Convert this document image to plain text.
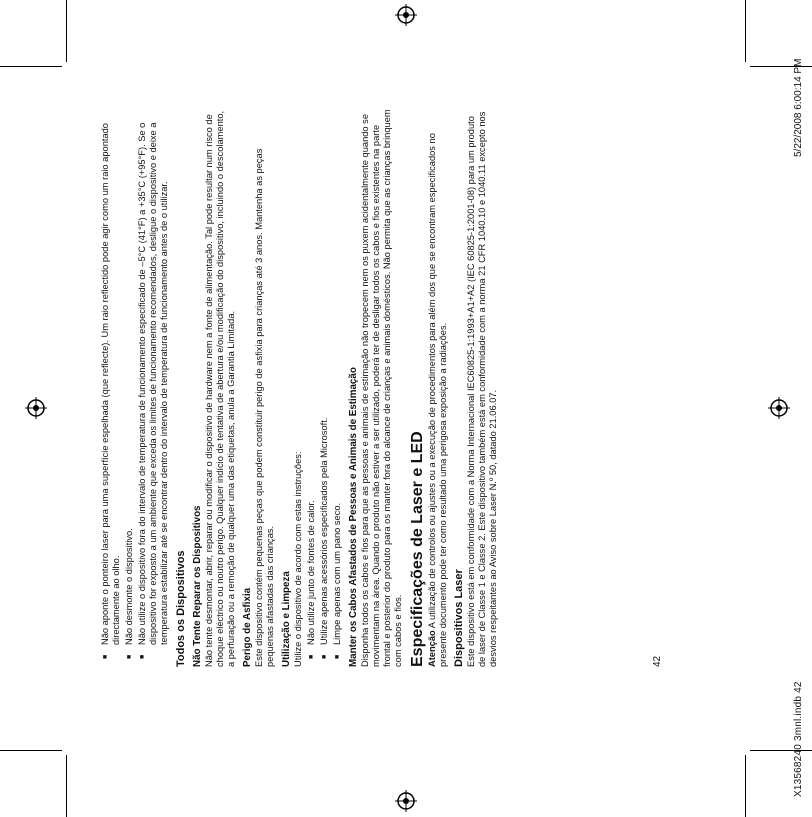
■ Não aponte o ponteiro laser para uma superfície espelhada (que reflecte). Um raio reflectido pode agir como um raio apontado directamente ao olho. ■ Não desmonte o dispositivo. ■ Não utilize o dispositivo fora do intervalo de temperatura de funcionamento especificado de –5°C (41°F) a +35°C (+95°F). Se o dispositivo for exposto a um ambiente que exceda os limites de funcionamento recomendados, desligue o dispositivo e deixe a temperatura estabilizar até se encontrar dentro do intervalo de temperatura de funcionamento antes de o utilizar. Todos os Dispositivos Não Tente Reparar os Dispositivos Não tente desmontar, abrir, reparar ou modificar o dispositivo de hardware nem a fonte de alimentação. Tal pode resultar num risco de choque eléctrico ou noutro perigo. Qualquer indício de tentativa de abertura e/ou modificação do dispositivo, incluindo o descolamento, a perfuração ou a remoção de qualquer uma das etiquetas, anula a Garantia Limitada. Perigo de Asfixia Este dispositivo contém pequenas peças que podem constituir perigo de asfixia para crianças até 3 anos. Mantenha as peças pequenas afastadas das crianças. Utilização e Limpeza Utilize o dispositivo de acordo com estas instruções: ■ Não utilize junto de fontes de calor. ■ Utilize apenas acessórios especificados pela Microsoft. ■ Limpe apenas com um pano seco. Manter os Cabos Afastados de Pessoas e Animais de Estimação Disponha todos os cabos e fios para que as pessoas e animais de estimação não tropecem nem os puxem acidentalmente quando se movimentam na área. Quando o produto não estiver a ser utilizado, poderá ter de desligar todos os cabos e fios existentes na parte frontal e posterior do produto para os manter fora do alcance de crianças e animais domésticos. Não permita que as crianças brinquem com cabos e fios. Especificações de Laser e LED Atenção A utilização de controlos ou ajustes ou a execução de procedimentos para além dos que se encontram especificados no presente documento pode ter como resultado uma perigosa exposição a radiações. Dispositivos Laser Este dispositivo está em conformidade com a Norma Internacional IEC60825-1:1993+A1+A2 (IEC 60825-1:2001-08) para um produto de laser de Classe 1 e Classe 2. Este dispositivo também está em conformidade com a norma 21 CFR 1040.10 e 1040.11 excepto nos desvios respeitantes ao Aviso sobre Laser N.º 50, datado 21.06.07.	42
X13568240 3mnl.indb 42
5/22/2008 6:00:14 PM
